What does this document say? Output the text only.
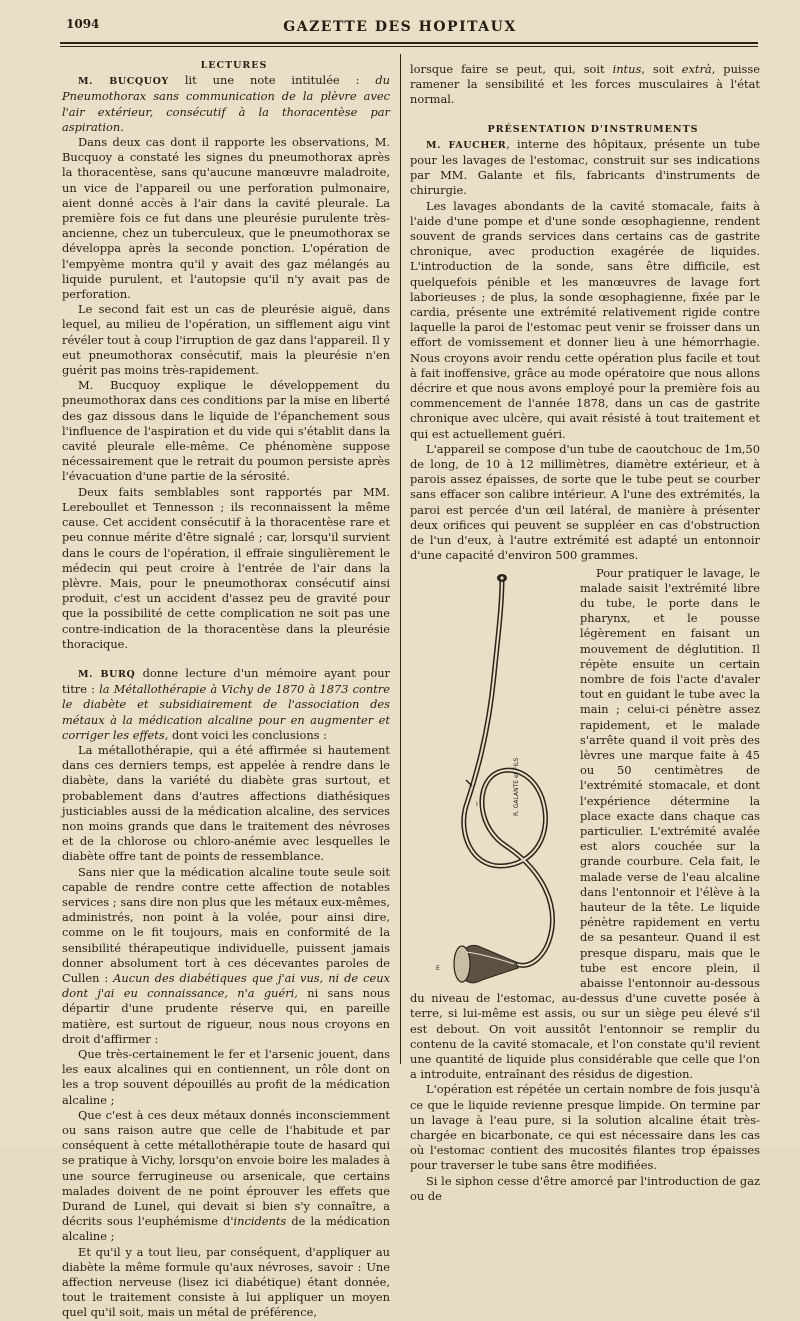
1094	GAZETTE DES HOPITAUX

LECTURES

M. BUCQUOY lit une note intitulée : du Pneumothorax sans communication de la plèvre avec l'air extérieur, consécutif à la thoracentèse par aspiration.

Dans deux cas dont il rapporte les observations, M. Bucquoy a constaté les signes du pneumothorax après la thoracentèse, sans qu'aucune manœuvre maladroite, un vice de l'appareil ou une perforation pulmonaire, aient donné accès à l'air dans la cavité pleurale. La première fois ce fut dans une pleurésie purulente très-ancienne, chez un tuberculeux, que le pneumothorax se développa après la seconde ponction. L'opération de l'empyème montra qu'il y avait des gaz mélangés au liquide purulent, et l'autopsie qu'il n'y avait pas de perforation.

Le second fait est un cas de pleurésie aiguë, dans lequel, au milieu de l'opération, un sifflement aigu vint révéler tout à coup l'irruption de gaz dans l'appareil. Il y eut pneumothorax consécutif, mais la pleurésie n'en guérit pas moins très-rapidement.

M. Bucquoy explique le développement du pneumothorax dans ces conditions par la mise en liberté des gaz dissous dans le liquide de l'épanchement sous l'influence de l'aspiration et du vide qui s'établit dans la cavité pleurale elle-même. Ce phénomène suppose nécessairement que le retrait du poumon persiste après l'évacuation d'une partie de la sérosité.

Deux faits semblables sont rapportés par MM. Lereboullet et Tennesson ; ils reconnaissent la même cause. Cet accident consécutif à la thoracentèse rare et peu connue mérite d'être signalé ; car, lorsqu'il survient dans le cours de l'opération, il effraie singulièrement le médecin qui peut croire à l'entrée de l'air dans la plèvre. Mais, pour le pneumothorax consécutif ainsi produit, c'est un accident d'assez peu de gravité pour que la possibilité de cette complication ne soit pas une contre-indication de la thoracentèse dans la pleurésie thoracique.

M. BURQ donne lecture d'un mémoire ayant pour titre : la Métallothérapie à Vichy de 1870 à 1873 contre le diabète et subsidiairement de l'association des métaux à la médication alcaline pour en augmenter et corriger les effets, dont voici les conclusions :

La métallothérapie, qui a été affirmée si hautement dans ces derniers temps, est appelée à rendre dans le diabète, dans la variété du diabète gras surtout, et probablement dans d'autres affections diathésiques justiciables aussi de la médication alcaline, des services non moins grands que dans le traitement des névroses et de la chlorose ou chloro-anémie avec lesquelles le diabète offre tant de points de ressemblance.

Sans nier que la médication alcaline toute seule soit capable de rendre contre cette affection de notables services ; sans dire non plus que les métaux eux-mêmes, administrés, non point à la volée, pour ainsi dire, comme on le fit toujours, mais en conformité de la sensibilité thérapeutique individuelle, puissent jamais donner absolument tort à ces décevantes paroles de Cullen : Aucun des diabétiques que j'ai vus, ni de ceux dont j'ai eu connaissance, n'a guéri, ni sans nous départir d'une prudente réserve qui, en pareille matière, est surtout de rigueur, nous nous croyons en droit d'affirmer :

Que très-certainement le fer et l'arsenic jouent, dans les eaux alcalines qui en contiennent, un rôle dont on les a trop souvent dépouillés au profit de la médication alcaline ;

Que c'est à ces deux métaux donnés inconsciemment ou sans raison autre que celle de l'habitude et par conséquent à cette métallothérapie toute de hasard qui se pratique à Vichy, lorsqu'on envoie boire les malades à une source ferrugineuse ou arsenicale, que certains malades doivent de ne point éprouver les effets que Durand de Lunel, qui devait si bien s'y connaître, a décrits sous l'euphémisme d'incidents de la médication alcaline ;

Et qu'il y a tout lieu, par conséquent, d'appliquer au diabète la même formule qu'aux névroses, savoir : Une affection nerveuse (lisez ici diabétique) étant donnée, tout le traitement consiste à lui appliquer un moyen quel qu'il soit, mais un métal de préférence,

lorsque faire se peut, qui, soit intus, soit extrà, puisse ramener la sensibilité et les forces musculaires à l'état normal.

PRÉSENTATION D'INSTRUMENTS

M. FAUCHER, interne des hôpitaux, présente un tube pour les lavages de l'estomac, construit sur ses indications par MM. Galante et fils, fabricants d'instruments de chirurgie.

Les lavages abondants de la cavité stomacale, faits à l'aide d'une pompe et d'une sonde œsophagienne, rendent souvent de grands services dans certains cas de gastrite chronique, avec production exagérée de liquides. L'introduction de la sonde, sans être difficile, est quelquefois pénible et les manœuvres de lavage fort laborieuses ; de plus, la sonde œsophagienne, fixée par le cardia, présente une extrémité relativement rigide contre laquelle la paroi de l'estomac peut venir se froisser dans un effort de vomissement et donner lieu à une hémorrhagie. Nous croyons avoir rendu cette opération plus facile et tout à fait inoffensive, grâce au mode opératoire que nous allons décrire et que nous avons employé pour la première fois au commencement de l'année 1878, dans un cas de gastrite chronique avec ulcère, qui avait résisté à tout traitement et qui est actuellement guéri.

L'appareil se compose d'un tube de caoutchouc de 1m,50 de long, de 10 à 12 millimètres, diamètre extérieur, et à parois assez épaisses, de sorte que le tube peut se courber sans effacer son calibre intérieur. A l'une des extrémités, la paroi est percée d'un œil latéral, de manière à présenter deux orifices qui peuvent se suppléer en cas d'obstruction de l'un d'eux, à l'autre extrémité est adapté un entonnoir d'une capacité d'environ 500 grammes.

I
E
R. GALANTE et FILS

Pour pratiquer le lavage, le malade saisit l'extrémité libre du tube, le porte dans le pharynx, et le pousse légèrement en faisant un mouvement de déglutition. Il répète ensuite un certain nombre de fois l'acte d'avaler tout en guidant le tube avec la main ; celui-ci pénètre assez rapidement, et le malade s'arrête quand il voit près des lèvres une marque faite à 45 ou 50 centimètres de l'extrémité stomacale, et dont l'expérience détermine la place exacte dans chaque cas particulier. L'extrémité avalée est alors couchée sur la grande courbure. Cela fait, le malade verse de l'eau alcaline dans l'entonnoir et l'élève à la hauteur de la tête. Le liquide pénètre rapidement en vertu de sa pesanteur. Quand il est presque disparu, mais que le tube est encore plein, il abaisse l'entonnoir au-dessous du niveau de l'estomac, au-dessus d'une cuvette posée à terre, si lui-même est assis, ou sur un siège peu élevé s'il est debout. On voit aussitôt l'entonnoir se remplir du contenu de la cavité stomacale, et l'on constate qu'il revient une quantité de liquide plus considérable que celle que l'on a introduite, entraînant des résidus de digestion.

L'opération est répétée un certain nombre de fois jusqu'à ce que le liquide revienne presque limpide. On termine par un lavage à l'eau pure, si la solution alcaline était très-chargée en bicarbonate, ce qui est nécessaire dans les cas où l'estomac contient des mucosités filantes trop épaisses pour traverser le tube sans être modifiées.

Si le siphon cesse d'être amorcé par l'introduction de gaz ou de
